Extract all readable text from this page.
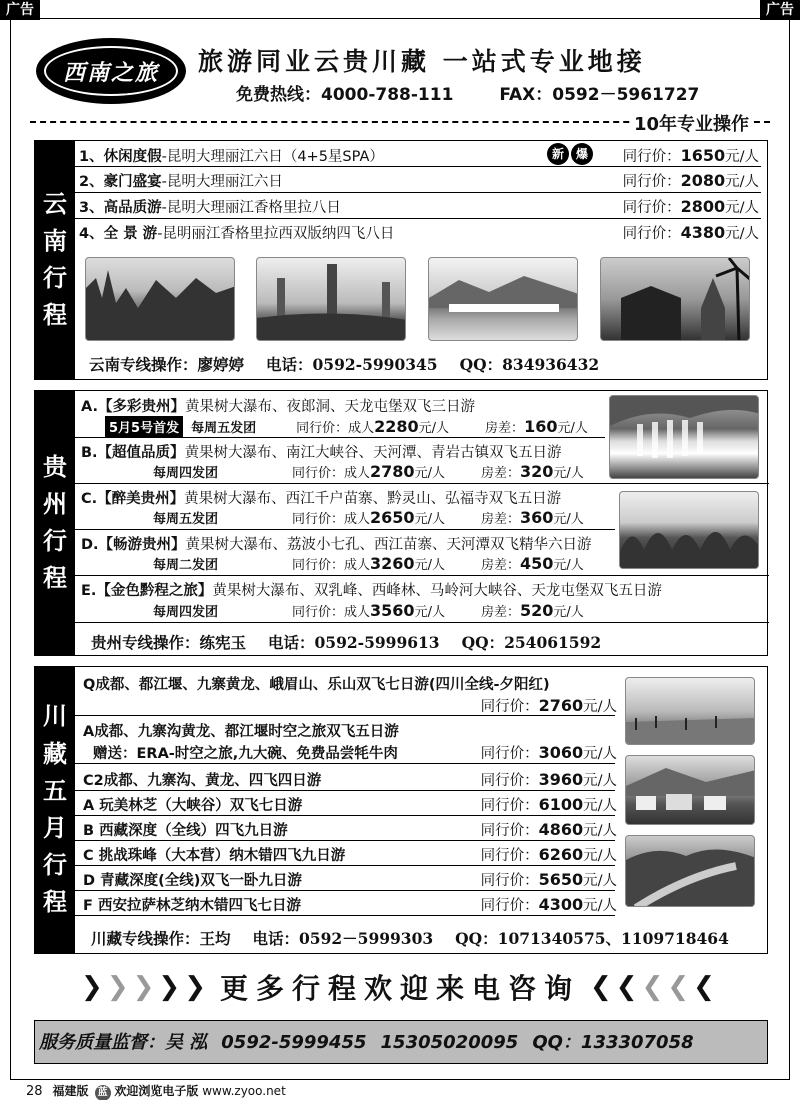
广告	广告
西南之旅	旅游同业云贵川藏 一站式专业地接
免费热线：4000-788-111	FAX：0592－5961727
10年专业操作
云
南
行
程
1、休闲度假-昆明大理丽江六日（4+5星SPA）	新 爆	同行价：1650元/人
2、豪门盛宴-昆明大理丽江六日	同行价：2080元/人
3、高品质游-昆明大理丽江香格里拉八日	同行价：2800元/人
4、全 景 游-昆明丽江香格里拉西双版纳四飞八日	同行价：4380元/人
云南专线操作：廖婷婷 电话：0592-5990345 QQ：834936432
贵
州
行
程
A.【多彩贵州】黄果树大瀑布、夜郎洞、天龙屯堡双飞三日游
5月5号首发 每周五发团	同行价：成人2280元/人	房差：160元/人
B.【超值品质】黄果树大瀑布、南江大峡谷、天河潭、青岩古镇双飞五日游
每周四发团	同行价：成人2780元/人	房差：320元/人
C.【醉美贵州】黄果树大瀑布、西江千户苗寨、黔灵山、弘福寺双飞五日游
每周五发团	同行价：成人2650元/人	房差：360元/人
D.【畅游贵州】黄果树大瀑布、荔波小七孔、西江苗寨、天河潭双飞精华六日游
每周二发团	同行价：成人3260元/人	房差：450元/人
E.【金色黔程之旅】黄果树大瀑布、双乳峰、西峰林、马岭河大峡谷、天龙屯堡双飞五日游
每周四发团	同行价：成人3560元/人	房差：520元/人
贵州专线操作：练宪玉 电话：0592-5999613 QQ：254061592
川
藏
五
月
行
程
Q成都、都江堰、九寨黄龙、峨眉山、乐山双飞七日游(四川全线-夕阳红)
同行价：2760元/人
A成都、九寨沟黄龙、都江堰时空之旅双飞五日游
赠送：ERA-时空之旅,九大碗、免费品尝牦牛肉	同行价：3060元/人
C2成都、九寨沟、黄龙、四飞四日游	同行价：3960元/人
A 玩美林芝（大峡谷）双飞七日游	同行价：6100元/人
B 西藏深度（全线）四飞九日游	同行价：4860元/人
C 挑战珠峰（大本营）纳木错四飞九日游	同行价：6260元/人
D 青藏深度(全线)双飞一卧九日游	同行价：5650元/人
F 西安拉萨林芝纳木错四飞七日游	同行价：4300元/人
川藏专线操作：王均 电话：0592－5999303 QQ：1071340575、1109718464
❯❯❯❯❯ 更多行程欢迎来电咨询 ❮❮❮❮❮
服务质量监督：吴 泓 0592-5999455 15305020095 QQ：133307058
28 福建版 蓝 欢迎浏览电子版 www.zyoo.net
